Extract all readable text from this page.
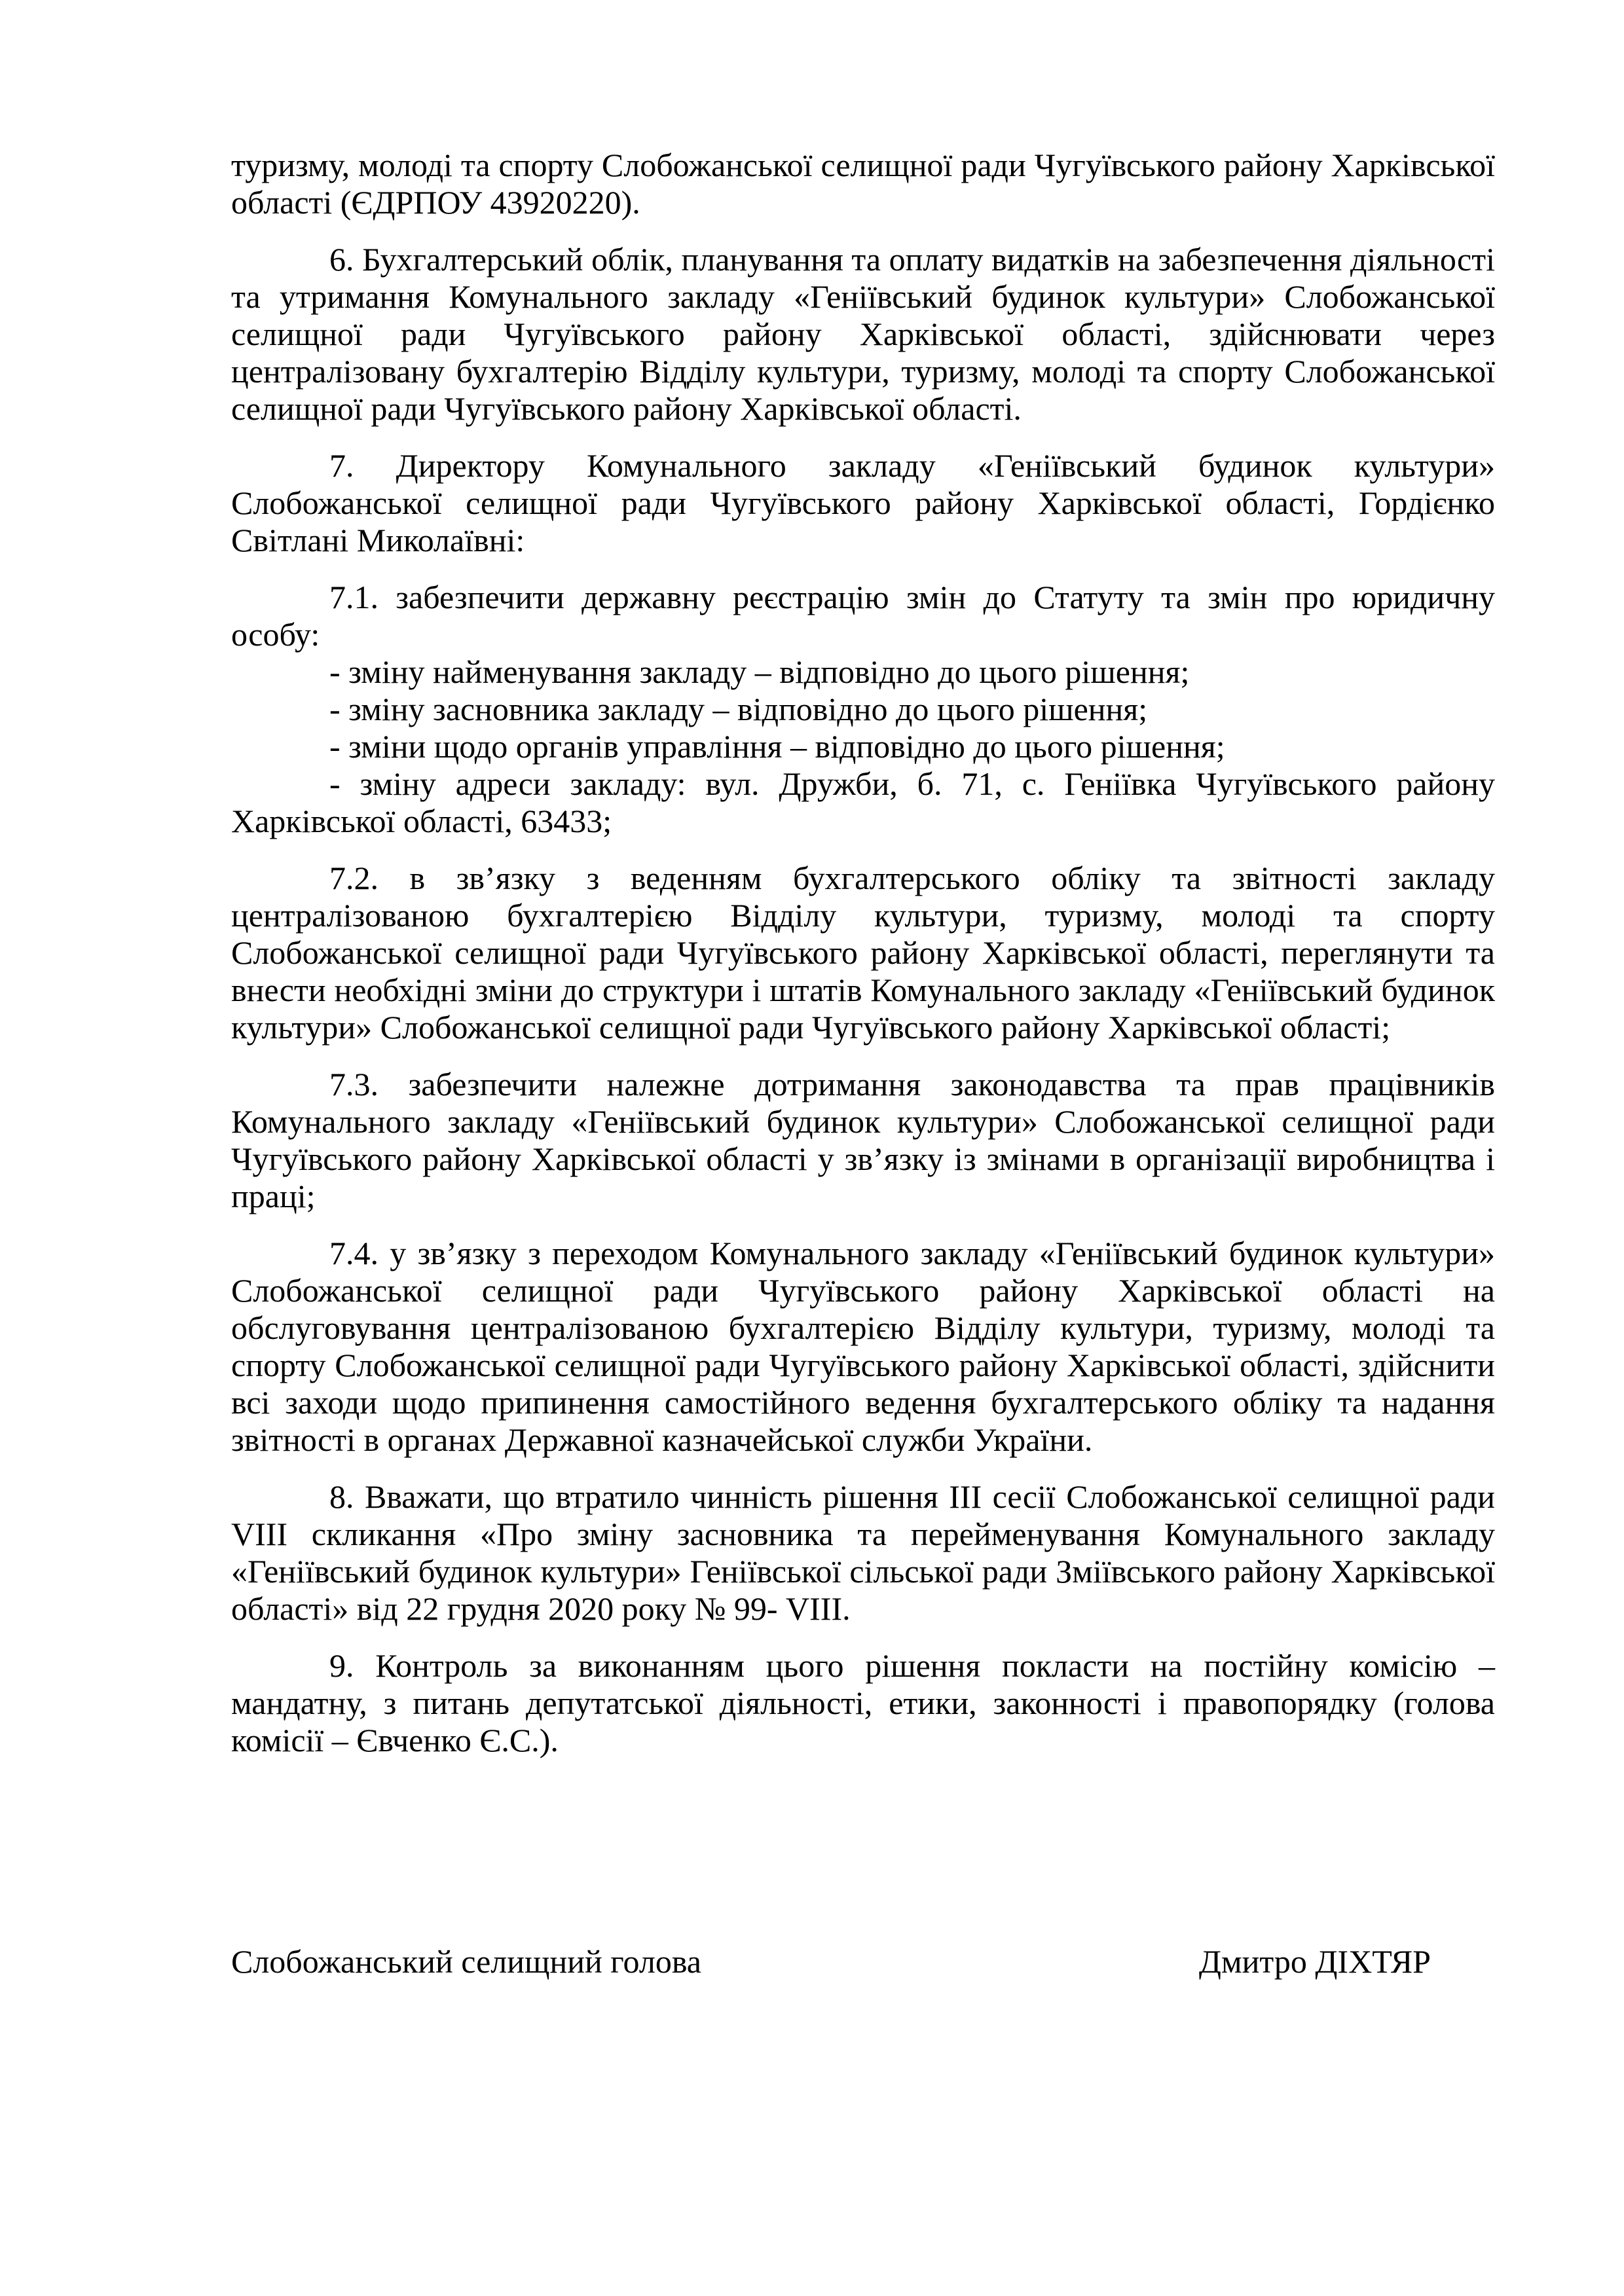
туризму, молоді та спорту Слобожанської селищної ради Чугуївського району Харківської області (ЄДРПОУ 43920220).

6. Бухгалтерський облік, планування та оплату видатків на забезпечення діяльності та утримання Комунального закладу «Геніївський будинок культури» Слобожанської селищної ради Чугуївського району Харківської області, здійснювати через централізовану бухгалтерію Відділу культури, туризму, молоді та спорту Слобожанської селищної ради Чугуївського району Харківської області.

7. Директору Комунального закладу «Геніївський будинок культури» Слобожанської селищної ради Чугуївського району Харківської області, Гордієнко Світлані Миколаївні:

7.1. забезпечити державну реєстрацію змін до Статуту та змін про юридичну особу:

- зміну найменування закладу – відповідно до цього рішення;

- зміну засновника закладу – відповідно до цього рішення;

- зміни щодо органів управління – відповідно до цього рішення;

- зміну адреси закладу: вул. Дружби, б. 71, с. Геніївка Чугуївського району Харківської області, 63433;

7.2. в зв’язку з веденням бухгалтерського обліку та звітності закладу централізованою бухгалтерією Відділу культури, туризму, молоді та спорту Слобожанської селищної ради Чугуївського району Харківської області, переглянути та внести необхідні зміни до структури і штатів Комунального закладу «Геніївський будинок культури» Слобожанської селищної ради Чугуївського району Харківської області;

7.3. забезпечити належне дотримання законодавства та прав працівників Комунального закладу «Геніївський будинок культури» Слобожанської селищної ради Чугуївського району Харківської області у зв’язку із змінами в організації виробництва і праці;

7.4. у зв’язку з переходом Комунального закладу «Геніївський будинок культури» Слобожанської селищної ради Чугуївського району Харківської області на обслуговування централізованою бухгалтерією Відділу культури, туризму, молоді та спорту Слобожанської селищної ради Чугуївського району Харківської області, здійснити всі заходи щодо припинення самостійного ведення бухгалтерського обліку та надання звітності в органах Державної казначейської служби України.

8. Вважати, що втратило чинність рішення ІІІ сесії Слобожанської селищної ради VIII скликання «Про зміну засновника та перейменування Комунального закладу «Геніївський будинок культури» Геніївської сільської ради Зміївського району Харківської області» від 22 грудня 2020 року № 99- VIII.

9. Контроль за виконанням цього рішення покласти на постійну комісію – мандатну, з питань депутатської діяльності, етики, законності і правопорядку (голова комісії – Євченко Є.С.).

Слобожанський селищний голова	Дмитро ДІХТЯР
